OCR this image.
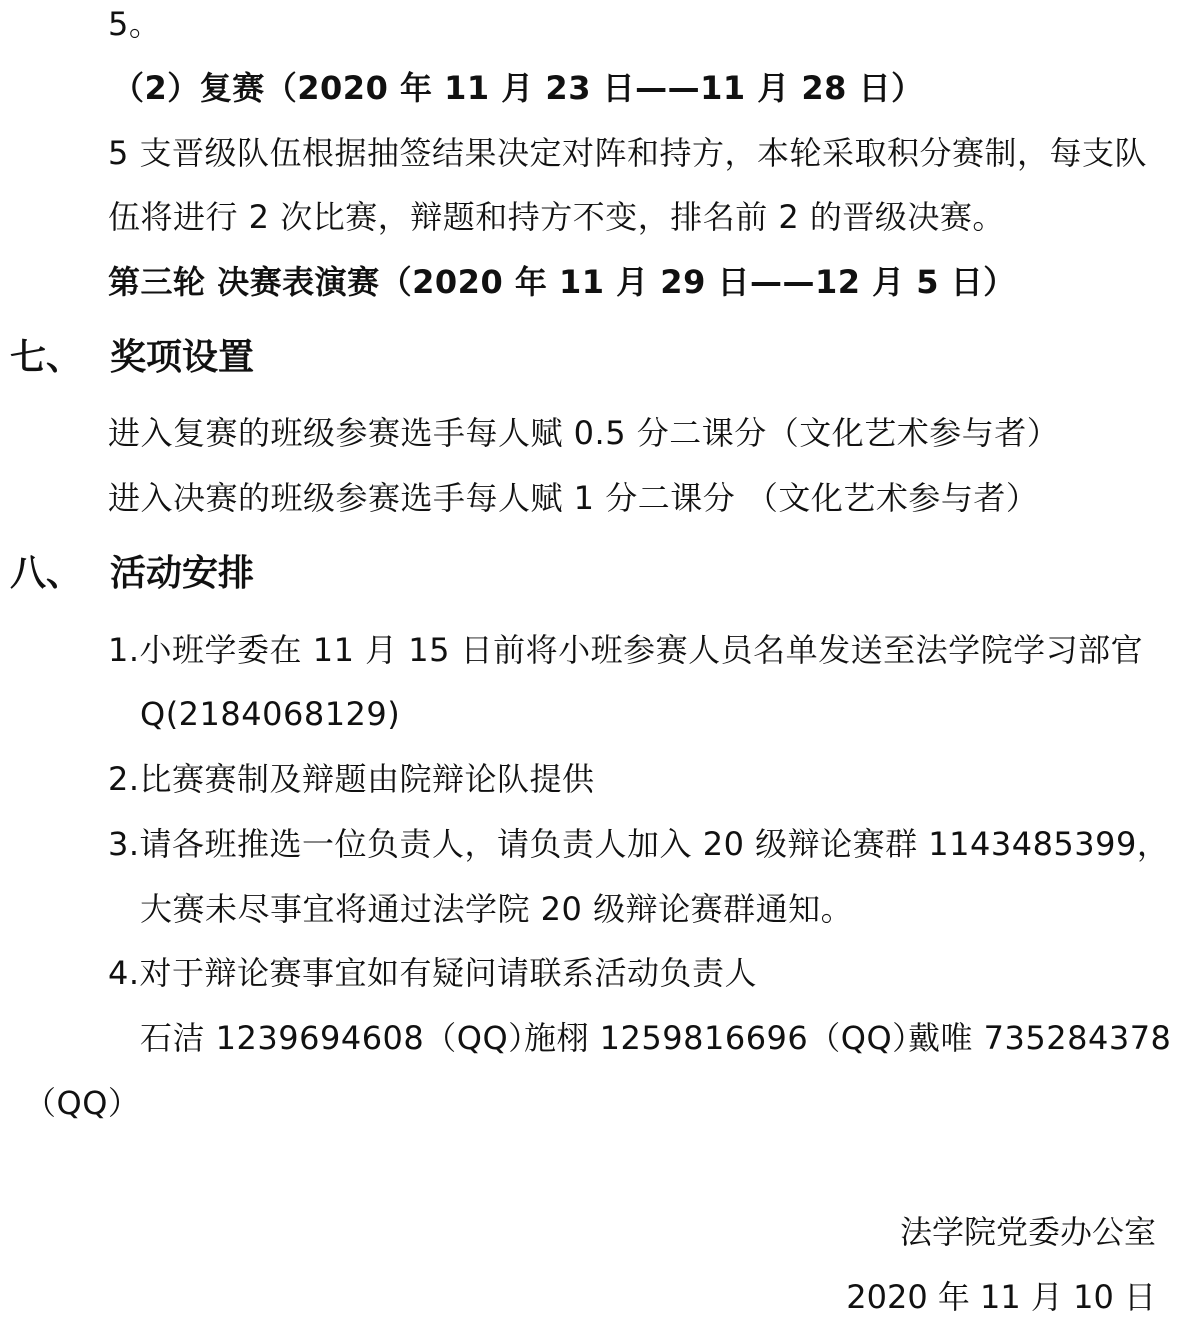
5。
（2）复赛（2020 年 11 月 23 日——11 月 28 日）
5 支晋级队伍根据抽签结果决定对阵和持方，本轮采取积分赛制，每支队
伍将进行 2 次比赛，辩题和持方不变，排名前 2 的晋级决赛。
第三轮 决赛表演赛（2020 年 11 月 29 日——12 月 5 日）
七、 奖项设置
进入复赛的班级参赛选手每人赋 0.5 分二课分（文化艺术参与者）
进入决赛的班级参赛选手每人赋 1 分二课分 （文化艺术参与者）
八、 活动安排
1.小班学委在 11 月 15 日前将小班参赛人员名单发送至法学院学习部官
Q(2184068129)
2.比赛赛制及辩题由院辩论队提供
3.请各班推选一位负责人，请负责人加入 20 级辩论赛群 1143485399，
大赛未尽事宜将通过法学院 20 级辩论赛群通知。
4.对于辩论赛事宜如有疑问请联系活动负责人
石洁 1239694608（QQ）施栩 1259816696（QQ）戴唯 735284378
（QQ）
法学院党委办公室
2020 年 11 月 10 日
